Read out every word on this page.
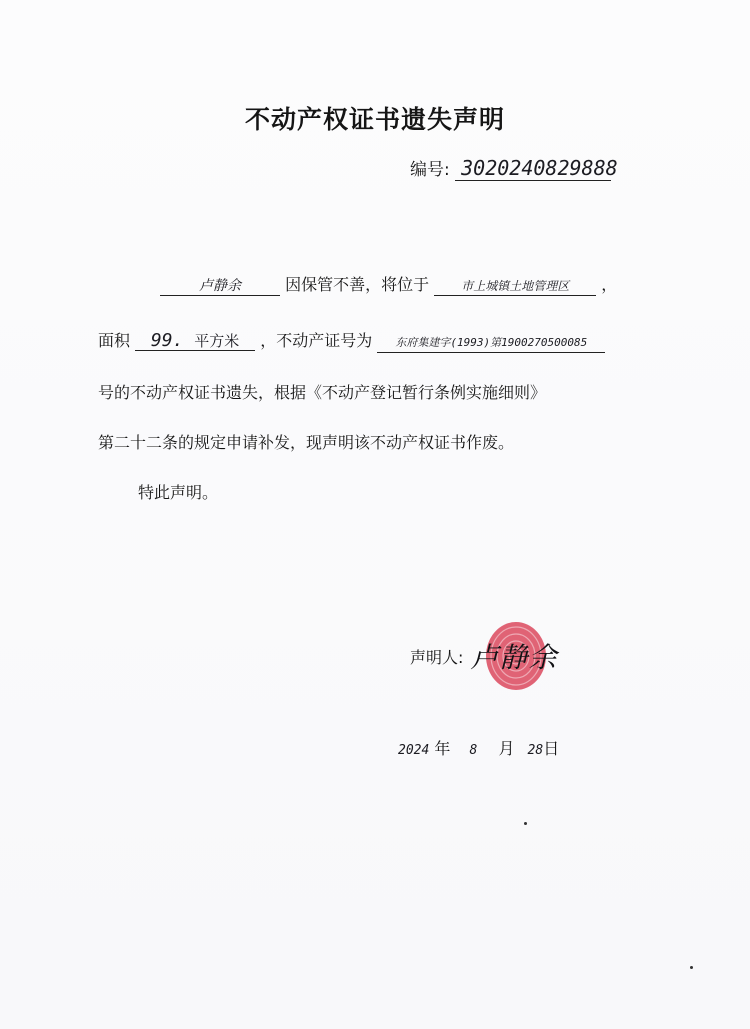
不动产权证书遗失声明
编号: 3020240829888
卢静余	因保管不善，将位于	市上城镇土地管理区 ，
面积 99. 平方米 ，不动产证号为 东府集建字(1993)第1900270500085
号的不动产权证书遗失，根据《不动产登记暂行条例实施细则》
第二十二条的规定申请补发，现声明该不动产权证书作废。
特此声明。
声明人: 卢静余
2024 年 8 月 28日
